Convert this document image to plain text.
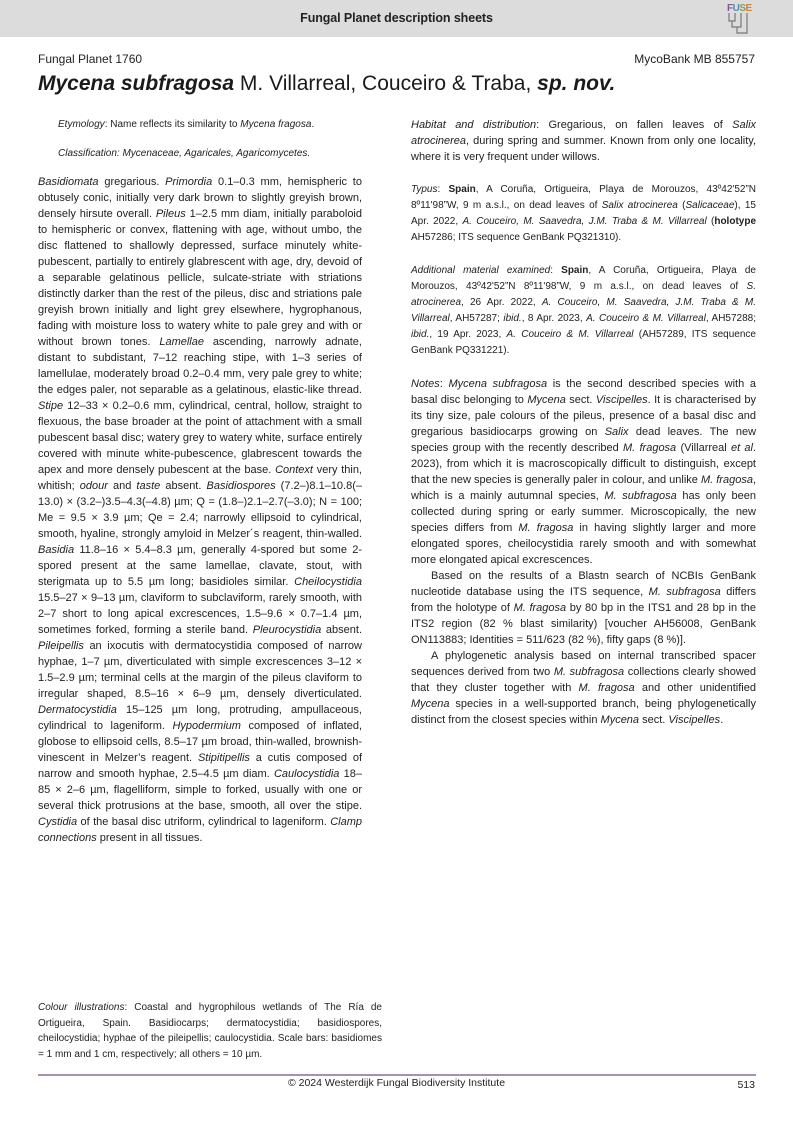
Fungal Planet description sheets
FUSE
Fungal Planet 1760	MycoBank MB 855757
Mycena subfragosa M. Villarreal, Couceiro & Traba, sp. nov.

Etymology: Name reflects its similarity to Mycena fragosa.

Classification: Mycenaceae, Agaricales, Agaricomycetes.

Basidiomata gregarious. Primordia 0.1–0.3 mm, hemispheric to obtusely conic, initially very dark brown to slightly greyish brown, densely hirsute overall. Pileus 1–2.5 mm diam, initially paraboloid to hemispheric or convex, flattening with age, without umbo, the disc flattened to shallowly depressed, surface minutely white-pubescent, partially to entirely glabrescent with age, dry, devoid of a separable gelatinous pellicle, sulcate-striate with striations distinctly darker than the rest of the pileus, disc and striations pale greyish brown initially and light grey elsewhere, hygrophanous, fading with moisture loss to watery white to pale grey and with or without brown tones. Lamellae ascending, narrowly adnate, distant to subdistant, 7–12 reaching stipe, with 1–3 series of lamellulae, moderately broad 0.2–0.4 mm, very pale grey to white; the edges paler, not separable as a gelatinous, elastic-like thread. Stipe 12–33 × 0.2–0.6 mm, cylindrical, central, hollow, straight to flexuous, the base broader at the point of attachment with a small pubescent basal disc; watery grey to watery white, surface entirely covered with minute white-pubescence, glabrescent towards the apex and more densely pubescent at the base. Context very thin, whitish; odour and taste absent. Basidiospores (7.2–)8.1–10.8(–13.0) × (3.2–)3.5–4.3(–4.8) µm; Q = (1.8–)2.1–2.7(–3.0); N = 100; Me = 9.5 × 3.9 µm; Qe = 2.4; narrowly ellipsoid to cylindrical, smooth, hyaline, strongly amyloid in Melzer´s reagent, thin-walled. Basidia 11.8–16 × 5.4–8.3 µm, generally 4-spored but some 2-spored present at the same lamellae, clavate, stout, with sterigmata up to 5.5 µm long; basidioles similar. Cheilocystidia 15.5–27 × 9–13 µm, claviform to subclaviform, rarely smooth, with 2–7 short to long apical excrescences, 1.5–9.6 × 0.7–1.4 µm, sometimes forked, forming a sterile band. Pleurocystidia absent. Pileipellis an ixocutis with dermatocystidia composed of narrow hyphae, 1–7 µm, diverticulated with simple excrescences 3–12 × 1.5–2.9 µm; terminal cells at the margin of the pileus claviform to irregular shaped, 8.5–16 × 6–9 µm, densely diverticulated. Dermatocystidia 15–125 µm long, protruding, ampullaceous, cylindrical to lageniform. Hypodermium composed of inflated, globose to ellipsoid cells, 8.5–17 µm broad, thin-walled, brownish-vinescent in Melzer’s reagent. Stipitipellis a cutis composed of narrow and smooth hyphae, 2.5–4.5 µm diam. Caulocystidia 18–85 × 2–6 µm, flagelliform, simple to forked, usually with one or several thick protrusions at the base, smooth, all over the stipe. Cystidia of the basal disc utriform, cylindrical to lageniform. Clamp connections present in all tissues.

Habitat and distribution: Gregarious, on fallen leaves of Salix atrocinerea, during spring and summer. Known from only one locality, where it is very frequent under willows.

Typus: Spain, A Coruña, Ortigueira, Playa de Morouzos, 43º42'52”N 8º11'98”W, 9 m a.s.l., on dead leaves of Salix atrocinerea (Salicaceae), 15 Apr. 2022, A. Couceiro, M. Saavedra, J.M. Traba & M. Villarreal (holotype AH57286; ITS sequence GenBank PQ321310).

Additional material examined: Spain, A Coruña, Ortigueira, Playa de Morouzos, 43º42'52”N 8º11'98”W, 9 m a.s.l., on dead leaves of S. atrocinerea, 26 Apr. 2022, A. Couceiro, M. Saavedra, J.M. Traba & M. Villarreal, AH57287; ibid., 8 Apr. 2023, A. Couceiro & M. Villarreal, AH57288; ibid., 19 Apr. 2023, A. Couceiro & M. Villarreal (AH57289, ITS sequence GenBank PQ331221).

Notes: Mycena subfragosa is the second described species with a basal disc belonging to Mycena sect. Viscipelles. It is characterised by its tiny size, pale colours of the pileus, presence of a basal disc and gregarious basidiocarps growing on Salix dead leaves. The new species group with the recently described M. fragosa (Villarreal et al. 2023), from which it is macroscopically difficult to distinguish, except that the new species is generally paler in colour, and unlike M. fragosa, which is a mainly autumnal species, M. subfragosa has only been collected during spring or early summer. Microscopically, the new species differs from M. fragosa in having slightly larger and more elongated spores, cheilocystidia rarely smooth and with somewhat more elongated apical excrescences.

Based on the results of a Blastn search of NCBIs GenBank nucleotide database using the ITS sequence, M. subfragosa differs from the holotype of M. fragosa by 80 bp in the ITS1 and 28 bp in the ITS2 region (82 % blast similarity) [voucher AH56008, GenBank ON113883; Identities = 511/623 (82 %), fifty gaps (8 %)].

A phylogenetic analysis based on internal transcribed spacer sequences derived from two M. subfragosa collections clearly showed that they cluster together with M. fragosa and other unidentified Mycena species in a well-supported branch, being phylogenetically distinct from the closest species within Mycena sect. Viscipelles.

Colour illustrations: Coastal and hygrophilous wetlands of The Ría de Ortigueira, Spain. Basidiocarps; dermatocystidia; basidiospores, cheilocystidia; hyphae of the pileipellis; caulocystidia. Scale bars: basidiomes = 1 mm and 1 cm, respectively; all others = 10 µm.

© 2024 Westerdijk Fungal Biodiversity Institute	513
